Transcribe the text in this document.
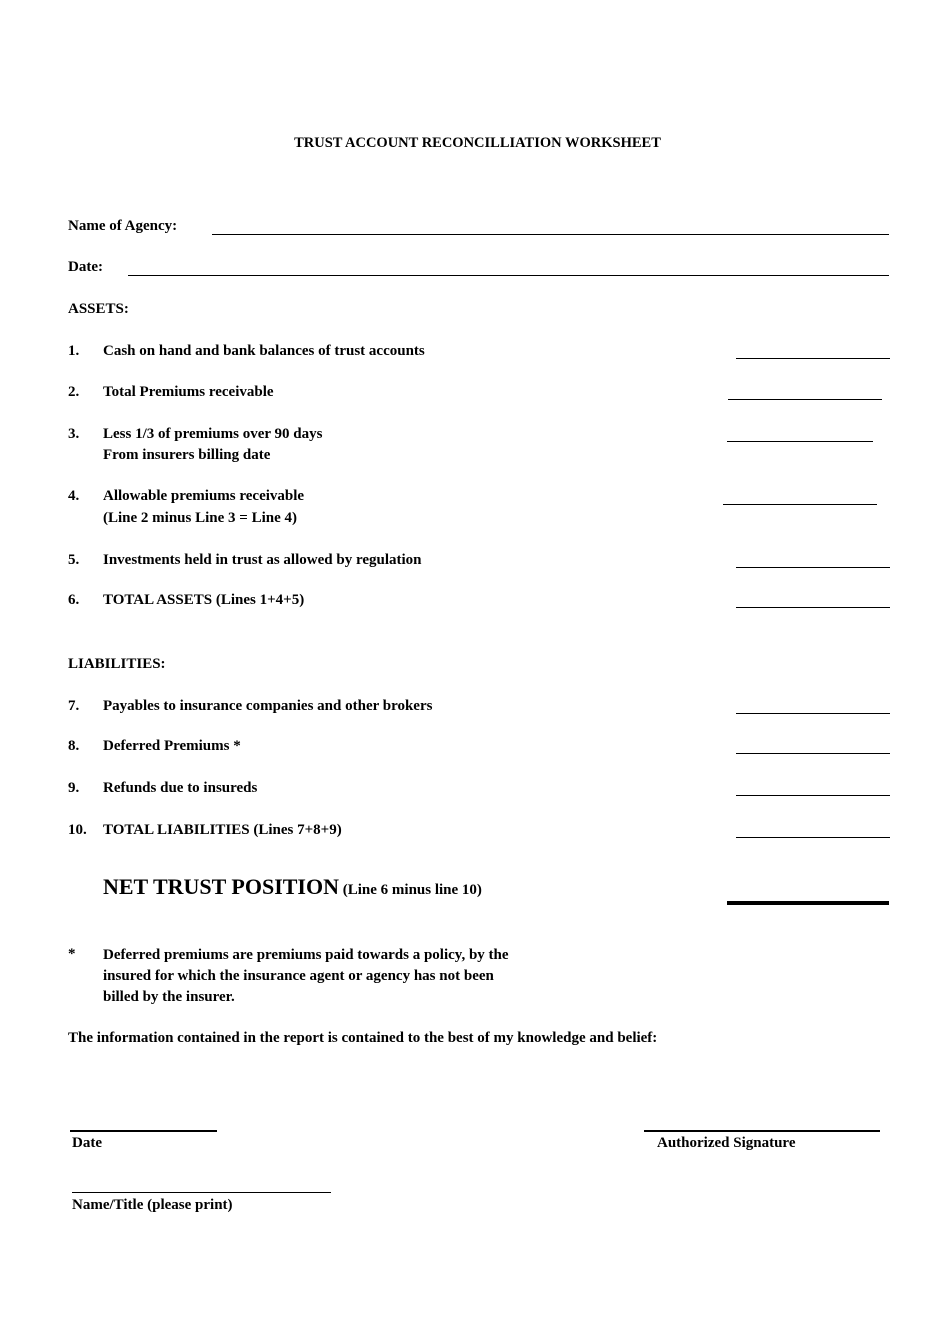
TRUST ACCOUNT RECONCILLIATION WORKSHEET
Name of Agency:
Date:
ASSETS:
1. Cash on hand and bank balances of trust accounts
2. Total Premiums receivable
3. Less 1/3 of premiums over 90 days
From insurers billing date
4. Allowable premiums receivable
(Line 2 minus Line 3 = Line 4)
5. Investments held in trust as allowed by regulation
6. TOTAL ASSETS (Lines 1+4+5)
LIABILITIES:
7. Payables to insurance companies and other brokers
8. Deferred Premiums *
9. Refunds due to insureds
10. TOTAL LIABILITIES (Lines 7+8+9)
NET TRUST POSITION (Line 6 minus line 10)
* Deferred premiums are premiums paid towards a policy, by the
insured for which the insurance agent or agency has not been
billed by the insurer.
The information contained in the report is contained to the best of my knowledge and belief:
Date	Authorized Signature
Name/Title (please print)
